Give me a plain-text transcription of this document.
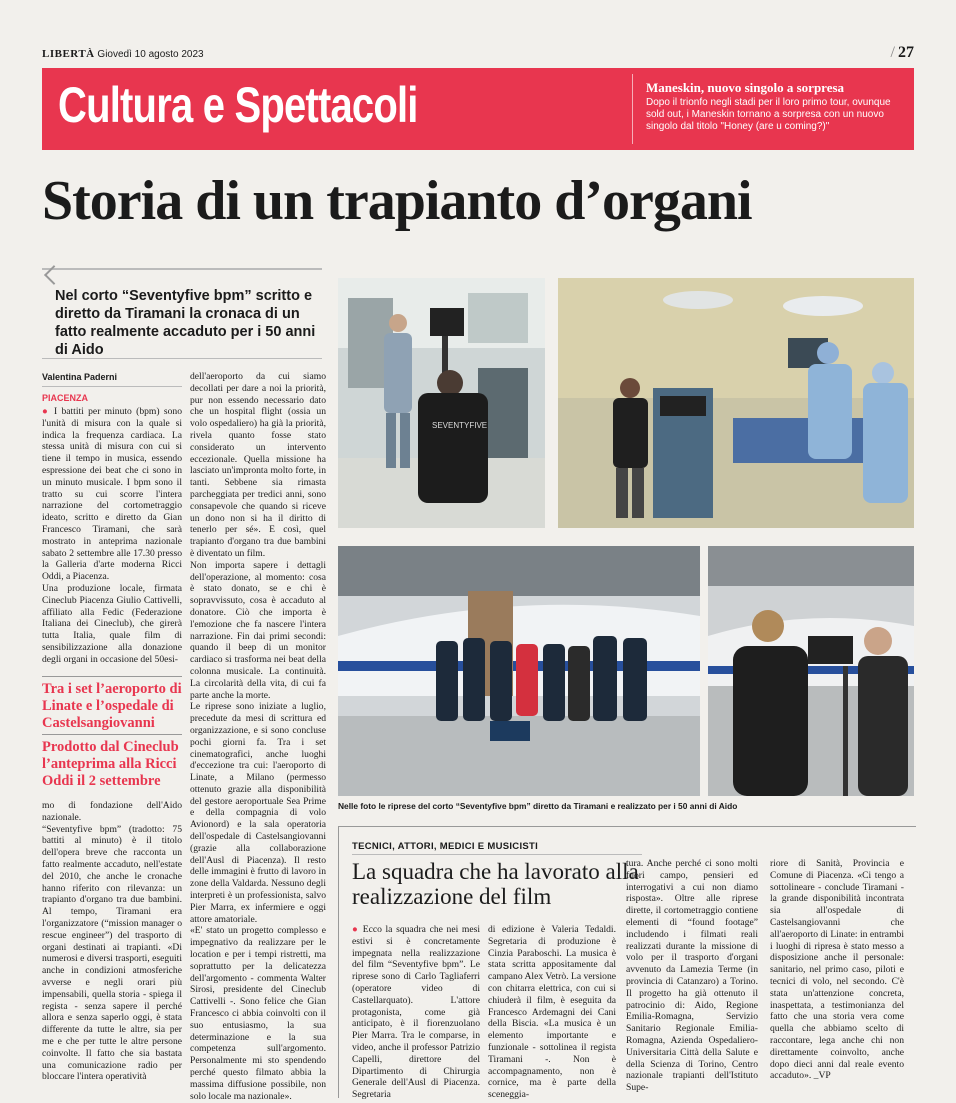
LIBERTÀ Giovedì 10 agosto 2023	/ 27
Cultura e Spettacoli	Maneskin, nuovo singolo a sorpresa
Dopo il trionfo negli stadi per il loro primo tour, ovunque sold out, i Maneskin tornano a sorpresa con un nuovo singolo dal titolo "Honey (are u coming?)"
Storia di un trapianto d’organi
Nel corto “Seventyfive bpm” scritto e diretto da Tiramani la cronaca di un fatto realmente accaduto per i 50 anni di Aido
Valentina Paderni
PIACENZA

● I battiti per minuto (bpm) sono l'unità di misura con la quale si indica la frequenza cardiaca. La stessa unità di misura con cui si tiene il tempo in musica, essendo espressione dei beat che ci sono in un minuto musicale. I bpm sono il tratto su cui scorre l'intera narrazione del cortometraggio ideato, scritto e diretto da Gian Francesco Tiramani, che sarà mostrato in anteprima nazionale sabato 2 settembre alle 17.30 presso la Galleria d'arte moderna Ricci Oddi, a Piacenza.

Una produzione locale, firmata Cineclub Piacenza Giulio Cattivelli, affiliato alla Fedic (Federazione Italiana dei Cineclub), che girerà tutta Italia, quale film di sensibilizzazione alla donazione degli organi in occasione del 50esi-

Tra i set l’aeroporto di Linate e l’ospedale di Castelsangiovanni
Prodotto dal Cineclub l’anteprima alla Ricci Oddi il 2 settembre

mo di fondazione dell'Aido nazionale.

“Seventyfive bpm” (tradotto: 75 battiti al minuto) è il titolo dell'opera breve che racconta un fatto realmente accaduto, nell'estate del 2010, che anche le cronache hanno riferito con rilevanza: un trapianto d'organo tra due bambini. Al tempo, Tiramani era l'organizzatore (“mission manager o rescue engineer”) del trasporto di organi destinati ai trapianti. «Di numerosi e diversi trasporti, eseguiti anche in condizioni atmosferiche avverse e negli orari più impensabili, quella storia - spiega il regista - senza sapere il perché allora e senza saperlo oggi, è stata differente da tutte le altre, sia per me e che per tutte le altre persone coinvolte. Il fatto che sia bastata una comunicazione radio per bloccare l'intera operatività

dell'aeroporto da cui siamo decollati per dare a noi la priorità, pur non essendo necessario dato che un hospital flight (ossia un volo ospedaliero) ha già la priorità, rivela quanto fosse stato considerato un intervento eccezionale. Quella missione ha lasciato un'impronta molto forte, in tanti. Sebbene sia rimasta parcheggiata per tredici anni, sono consapevole che quando si riceve un dono non si ha il diritto di tenerlo per sé». E così, quel trapianto d'organo tra due bambini è diventato un film.

Non importa sapere i dettagli dell'operazione, al momento: cosa è stato donato, se e chi è sopravvissuto, cosa è accaduto al donatore. Ciò che importa è l'emozione che fa nascere l'intera narrazione. Fin dai primi secondi: quando il beep di un monitor cardiaco si trasforma nei beat della colonna musicale. La continuità. La circolarità della vita, di cui fa parte anche la morte.

Le riprese sono iniziate a luglio, precedute da mesi di scrittura ed organizzazione, e si sono concluse pochi giorni fa. Tra i set cinematografici, anche luoghi d'eccezione tra cui: l'aeroporto di Linate, a Milano (permesso ottenuto grazie alla disponibilità del gestore aeroportuale Sea Prime e della compagnia di volo Avionord) e la sala operatoria dell'ospedale di Castelsangiovanni (grazie alla collaborazione dell'Ausl di Piacenza). Il resto delle immagini è frutto di lavoro in zone della Valdarda. Nessuno degli interpreti è un professionista, salvo Pier Marra, ex infermiere e oggi attore amatoriale.

«E' stato un progetto complesso e impegnativo da realizzare per le location e per i tempi ristretti, ma soprattutto per la delicatezza dell'argomento - commenta Walter Sirosi, presidente del Cineclub Cattivelli -. Sono felice che Gian Francesco ci abbia coinvolti con il suo entusiasmo, la sua determinazione e la sua competenza sull'argomento. Personalmente mi sto spendendo perché questo filmato abbia la massima diffusione possibile, non solo locale ma nazionale».

SEVENTYFIVE
Nelle foto le riprese del corto “Seventyfive bpm” diretto da Tiramani e realizzato per i 50 anni di Aido
TECNICI, ATTORI, MEDICI E MUSICISTI
La squadra che ha lavorato alla realizzazione del film

● Ecco la squadra che nei mesi estivi si è concretamente impegnata nella realizzazione del film “Seventyfive bpm”. Le riprese sono di Carlo Tagliaferri (operatore video di Castellarquato). L'attore protagonista, come già anticipato, è il fiorenzuolano Pier Marra. Tra le comparse, in video, anche il professor Patrizio Capelli, direttore del Dipartimento di Chirurgia Generale dell'Ausl di Piacenza. Segretaria

di edizione è Valeria Tedaldi. Segretaria di produzione è Cinzia Paraboschi. La musica è stata scritta appositamente dal campano Alex Vetrò. La versione con chitarra elettrica, con cui si chiuderà il film, è eseguita da Francesco Ardemagni dei Cani della Biscia. «La musica è un elemento importante e funzionale - sottolinea il regista Tiramani -. Non è accompagnamento, non è cornice, ma è parte della sceneggia-

tura. Anche perché ci sono molti fuori campo, pensieri ed interrogativi a cui non diamo risposta». Oltre alle riprese dirette, il cortometraggio contiene elementi di “found footage” includendo i filmati reali realizzati durante la missione di volo per il trasporto d'organi avvenuto da Lamezia Terme (in provincia di Catanzaro) a Torino. Il progetto ha già ottenuto il patrocinio di: Aido, Regione Emilia-Romagna, Servizio Sanitario Regionale Emilia-Romagna, Azienda Ospedaliero-Universitaria Città della Salute e della Scienza di Torino, Centro nazionale trapianti dell'Istituto Supe-

riore di Sanità, Provincia e Comune di Piacenza. «Ci tengo a sottolineare - conclude Tiramani - la grande disponibilità incontrata sia all'ospedale di Castelsangiovanni che all'aeroporto di Linate: in entrambi i luoghi di ripresa è stato messo a disposizione anche il personale: sanitario, nel primo caso, piloti e tecnici di volo, nel secondo. C'è stata un'attenzione concreta, inaspettata, a testimonianza del fatto che una storia vera come quella che abbiamo scelto di raccontare, lega anche chi non direttamente coinvolto, anche dopo dieci anni dal reale evento accaduto». _VP
